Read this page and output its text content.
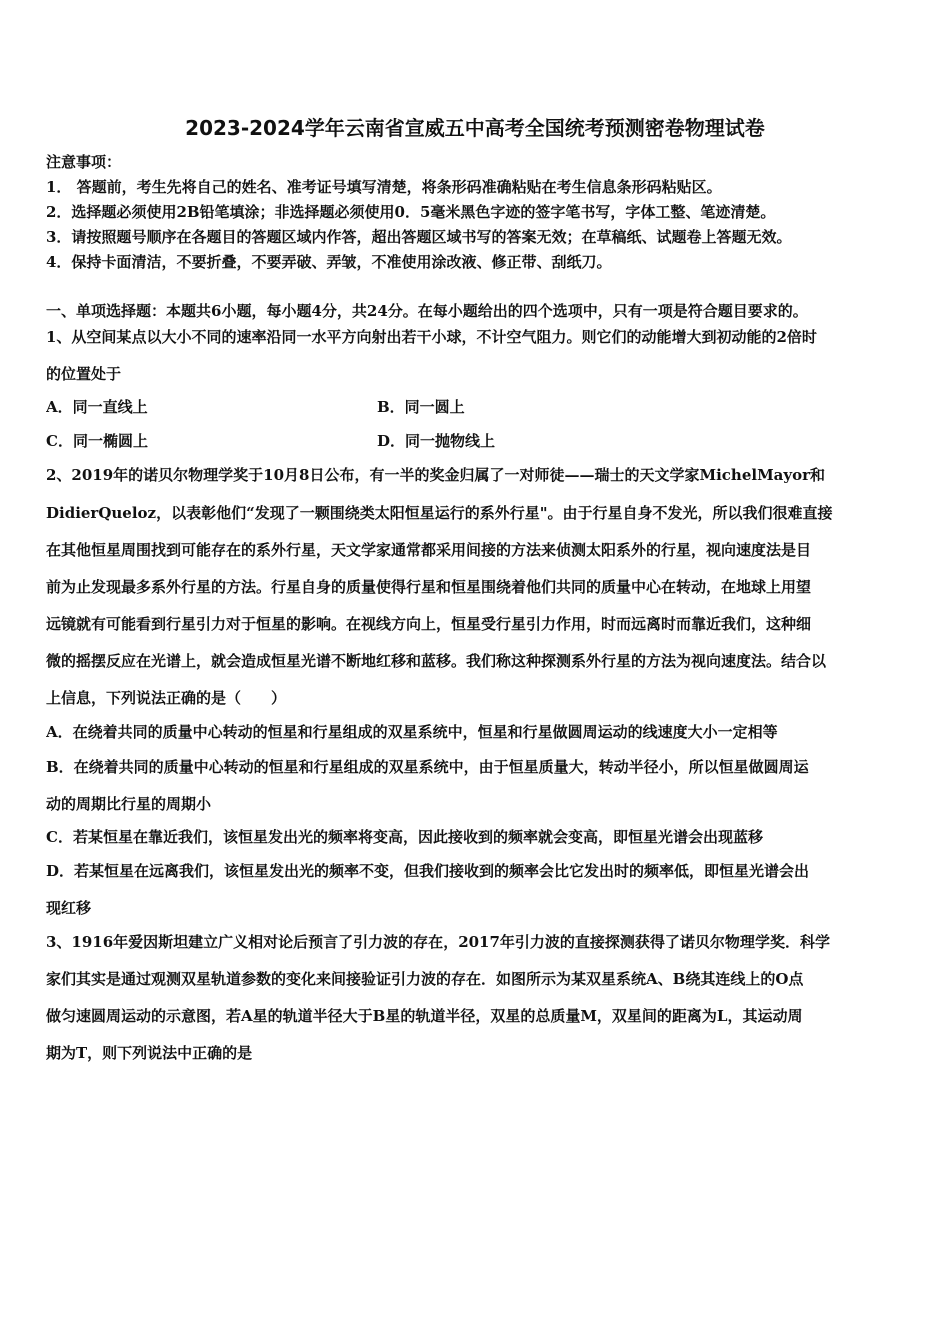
2023-2024学年云南省宣威五中高考全国统考预测密卷物理试卷
注意事项：
1． 答题前，考生先将自己的姓名、准考证号填写清楚，将条形码准确粘贴在考生信息条形码粘贴区。
2．选择题必须使用2B铅笔填涂；非选择题必须使用0．5毫米黑色字迹的签字笔书写，字体工整、笔迹清楚。
3．请按照题号顺序在各题目的答题区域内作答，超出答题区域书写的答案无效；在草稿纸、试题卷上答题无效。
4．保持卡面清洁，不要折叠，不要弄破、弄皱，不准使用涂改液、修正带、刮纸刀。
一、单项选择题：本题共6小题，每小题4分，共24分。在每小题给出的四个选项中，只有一项是符合题目要求的。
1、从空间某点以大小不同的速率沿同一水平方向射出若干小球，不计空气阻力。则它们的动能增大到初动能的2倍时
的位置处于
A．同一直线上	B．同一圆上
C．同一椭圆上	D．同一抛物线上
2、2019年的诺贝尔物理学奖于10月8日公布，有一半的奖金归属了一对师徒——瑞士的天文学家MichelMayor和
DidierQueloz，以表彰他们“发现了一颗围绕类太阳恒星运行的系外行星"。由于行星自身不发光，所以我们很难直接
在其他恒星周围找到可能存在的系外行星，天文学家通常都采用间接的方法来侦测太阳系外的行星，视向速度法是目
前为止发现最多系外行星的方法。行星自身的质量使得行星和恒星围绕着他们共同的质量中心在转动，在地球上用望
远镜就有可能看到行星引力对于恒星的影响。在视线方向上，恒星受行星引力作用，时而远离时而靠近我们，这种细
微的摇摆反应在光谱上，就会造成恒星光谱不断地红移和蓝移。我们称这种探测系外行星的方法为视向速度法。结合以
上信息，下列说法正确的是（　　）
A．在绕着共同的质量中心转动的恒星和行星组成的双星系统中，恒星和行星做圆周运动的线速度大小一定相等
B．在绕着共同的质量中心转动的恒星和行星组成的双星系统中，由于恒星质量大，转动半径小，所以恒星做圆周运
动的周期比行星的周期小
C．若某恒星在靠近我们，该恒星发出光的频率将变高，因此接收到的频率就会变高，即恒星光谱会出现蓝移
D．若某恒星在远离我们，该恒星发出光的频率不变，但我们接收到的频率会比它发出时的频率低，即恒星光谱会出
现红移
3、1916年爱因斯坦建立广义相对论后预言了引力波的存在，2017年引力波的直接探测获得了诺贝尔物理学奖．科学
家们其实是通过观测双星轨道参数的变化来间接验证引力波的存在．如图所示为某双星系统A、B绕其连线上的O点
做匀速圆周运动的示意图，若A星的轨道半径大于B星的轨道半径，双星的总质量M，双星间的距离为L，其运动周
期为T，则下列说法中正确的是
